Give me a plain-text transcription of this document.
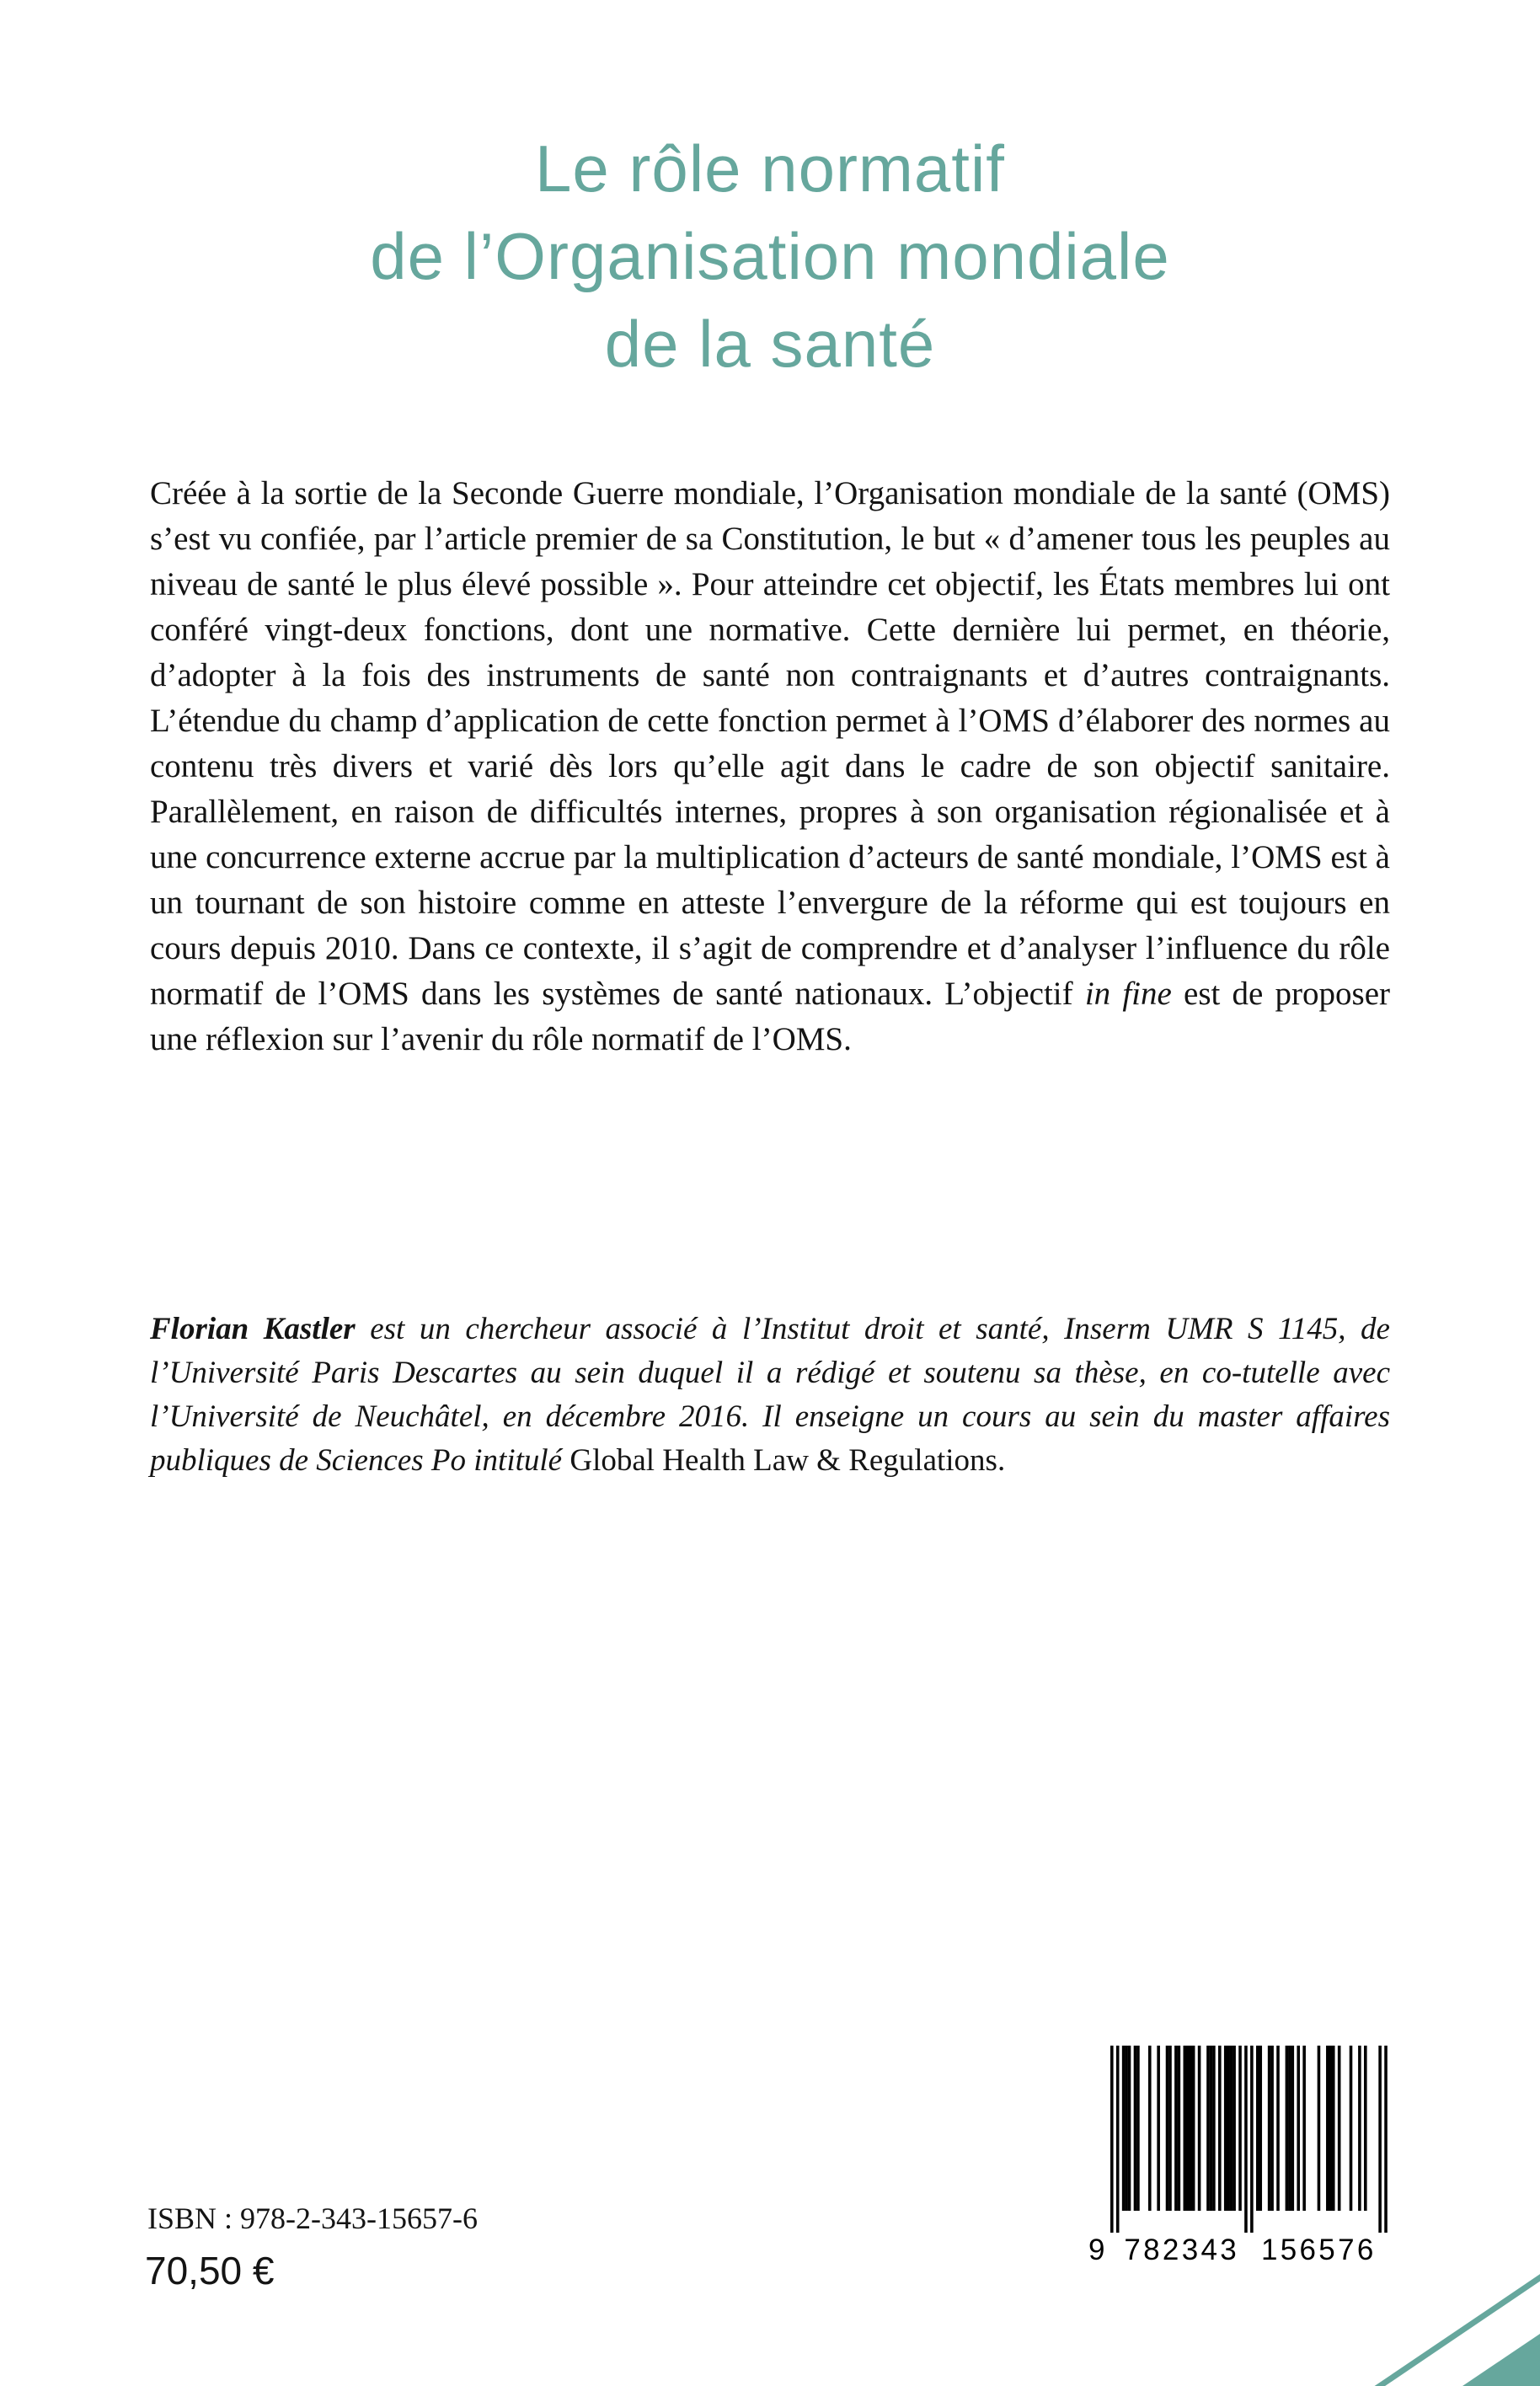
Le rôle normatif
de l’Organisation mondiale
de la santé

Créée à la sortie de la Seconde Guerre mondiale, l’Organisation mondiale de la santé (OMS) s’est vu confiée, par l’article premier de sa Constitution, le but « d’amener tous les peuples au niveau de santé le plus élevé possible ». Pour atteindre cet objectif, les États membres lui ont conféré vingt-deux fonctions, dont une normative. Cette dernière lui permet, en théorie, d’adopter à la fois des instruments de santé non contraignants et d’autres contraignants. L’étendue du champ d’application de cette fonction permet à l’OMS d’élaborer des normes au contenu très divers et varié dès lors qu’elle agit dans le cadre de son objectif sanitaire. Parallèlement, en raison de difficultés internes, propres à son organisation régionalisée et à une concurrence externe accrue par la multiplication d’acteurs de santé mondiale, l’OMS est à un tournant de son histoire comme en atteste l’envergure de la réforme qui est toujours en cours depuis 2010. Dans ce contexte, il s’agit de comprendre et d’analyser l’influence du rôle normatif de l’OMS dans les systèmes de santé nationaux. L’objectif in fine est de proposer une réflexion sur l’avenir du rôle normatif de l’OMS.

Florian Kastler est un chercheur associé à l’Institut droit et santé, Inserm UMR S 1145, de l’Université Paris Descartes au sein duquel il a rédigé et soutenu sa thèse, en co-tutelle avec l’Université de Neuchâtel, en décembre 2016. Il enseigne un cours au sein du master affaires publiques de Sciences Po intitulé Global Health Law & Regulations.

ISBN : 978-2-343-15657-6
70,50 €	9 782343 156576
